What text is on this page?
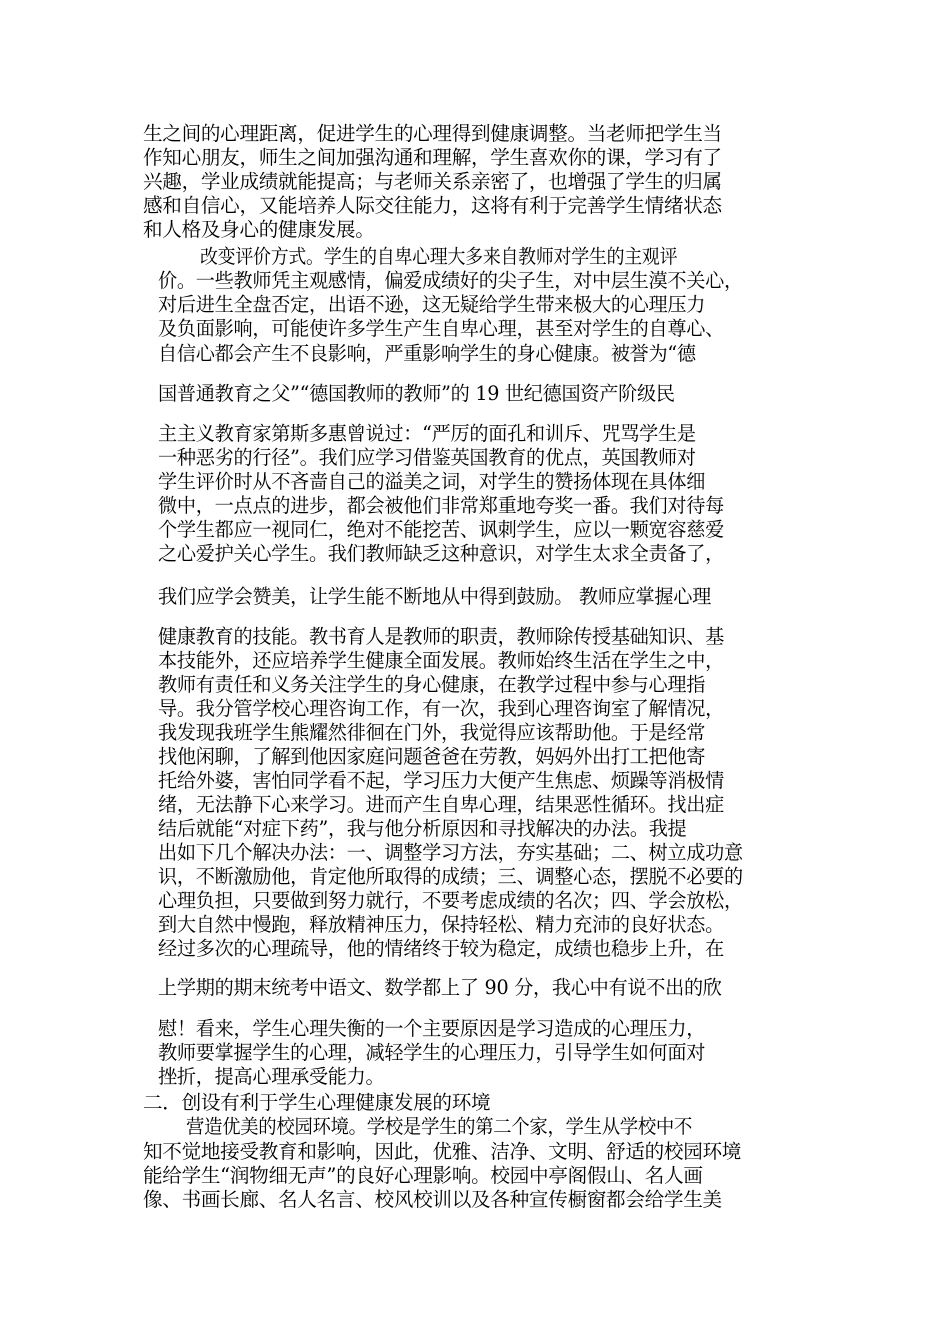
生之间的心理距离，促进学生的心理得到健康调整。当老师把学生当

作知心朋友，师生之间加强沟通和理解，学生喜欢你的课，学习有了

兴趣，学业成绩就能提高；与老师关系亲密了，也增强了学生的归属

感和自信心，又能培养人际交往能力，这将有利于完善学生情绪状态

和人格及身心的健康发展。

改变评价方式。学生的自卑心理大多来自教师对学生的主观评

价。一些教师凭主观感情，偏爱成绩好的尖子生，对中层生漠不关心，

对后进生全盘否定，出语不逊，这无疑给学生带来极大的心理压力

及负面影响，可能使许多学生产生自卑心理，甚至对学生的自尊心、

自信心都会产生不良影响，严重影响学生的身心健康。被誉为“德

国普通教育之父”“德国教师的教师”的 19 世纪德国资产阶级民

主主义教育家第斯多惠曾说过：“严厉的面孔和训斥、咒骂学生是

一种恶劣的行径”。我们应学习借鉴英国教育的优点，英国教师对

学生评价时从不吝啬自己的溢美之词，对学生的赞扬体现在具体细

微中，一点点的进步，都会被他们非常郑重地夸奖一番。我们对待每

个学生都应一视同仁，绝对不能挖苦、讽刺学生，应以一颗宽容慈爱

之心爱护关心学生。我们教师缺乏这种意识，对学生太求全责备了，

我们应学会赞美，让学生能不断地从中得到鼓励。 教师应掌握心理

健康教育的技能。教书育人是教师的职责，教师除传授基础知识、基

本技能外，还应培养学生健康全面发展。教师始终生活在学生之中，

教师有责任和义务关注学生的身心健康，在教学过程中参与心理指

导。我分管学校心理咨询工作，有一次，我到心理咨询室了解情况，

我发现我班学生熊耀然徘徊在门外，我觉得应该帮助他。于是经常

找他闲聊，了解到他因家庭问题爸爸在劳教，妈妈外出打工把他寄

托给外婆，害怕同学看不起，学习压力大便产生焦虑、烦躁等消极情

绪，无法静下心来学习。进而产生自卑心理，结果恶性循环。找出症

结后就能“对症下药”，我与他分析原因和寻找解决的办法。我提

出如下几个解决办法：一、调整学习方法，夯实基础；二、树立成功意

识，不断激励他，肯定他所取得的成绩；三、调整心态，摆脱不必要的

心理负担，只要做到努力就行，不要考虑成绩的名次；四、学会放松，

到大自然中慢跑，释放精神压力，保持轻松、精力充沛的良好状态。

经过多次的心理疏导，他的情绪终于较为稳定，成绩也稳步上升，在

上学期的期末统考中语文、数学都上了 90 分，我心中有说不出的欣

慰！看来，学生心理失衡的一个主要原因是学习造成的心理压力，

教师要掌握学生的心理，减轻学生的心理压力，引导学生如何面对

挫折，提高心理承受能力。

二．创设有利于学生心理健康发展的环境

营造优美的校园环境。学校是学生的第二个家，学生从学校中不

知不觉地接受教育和影响，因此，优雅、洁净、文明、舒适的校园环境

能给学生“润物细无声”的良好心理影响。校园中亭阁假山、名人画

像、书画长廊、名人名言、校风校训以及各种宣传橱窗都会给学生美
